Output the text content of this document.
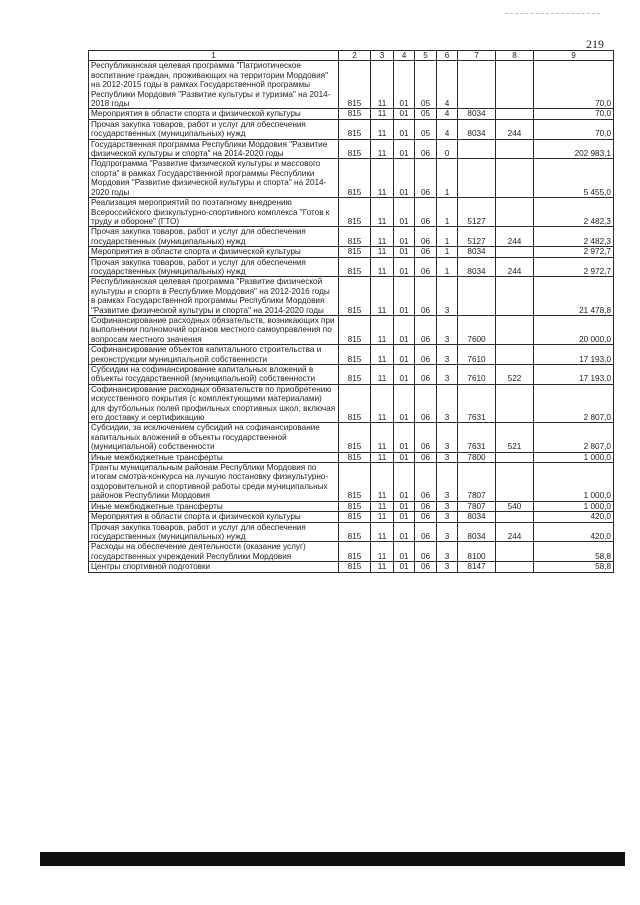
219
1	2	3	4	5	6	7	8	9
Республиканская целевая программа "Патриотическое воспитание граждан, проживающих на территории Мордовия" на 2012-2015 годы в рамках Государственной программы Республики Мордовия "Развитие культуры и туризма" на 2014-2018 годы	815	11	01	05	4			70,0
Мероприятия в области спорта и физической культуры	815	11	01	05	4	8034		70,0
Прочая закупка товаров, работ и услуг для обеспечения государственных (муниципальных) нужд	815	11	01	05	4	8034	244	70,0
Государственная программа Республики Мордовия "Развитие физической культуры и спорта" на 2014-2020 годы	815	11	01	06	0			202 983,1
Подпрограмма "Развитие физической культуры и массового спорта" в рамках Государственной программы Республики Мордовия "Развитие физической культуры и спорта" на 2014-2020 годы	815	11	01	06	1			5 455,0
Реализация мероприятий по поэтапному внедрению Всероссийского физкультурно-спортивного комплекса "Готов к труду и обороне" (ГТО)	815	11	01	06	1	5127		2 482,3
Прочая закупка товаров, работ и услуг для обеспечения государственных (муниципальных) нужд	815	11	01	06	1	5127	244	2 482,3
Мероприятия в области спорта и физической культуры	815	11	01	06	1	8034		2 972,7
Прочая закупка товаров, работ и услуг для обеспечения государственных (муниципальных) нужд	815	11	01	06	1	8034	244	2 972,7
Республиканская целевая программа "Развитие физической культуры и спорта в Республике Мордовия" на 2012-2016 годы в рамках Государственной программы Республики Мордовия "Развитие физической культуры и спорта" на 2014-2020 годы	815	11	01	06	3			21 478,8
Софинансирование расходных обязательств, возникающих при выполнении полномочий органов местного самоуправления по вопросам местного значения	815	11	01	06	3	7600		20 000,0
Софинансирование объектов капитального строительства и реконструкции муниципальной собственности	815	11	01	06	3	7610		17 193,0
Субсидии на софинансирование капитальных вложений в объекты государственной (муниципальной) собственности	815	11	01	06	3	7610	522	17 193,0
Софинансирование расходных обязательств по приобретению искусственного покрытия (с комплектующими материалами) для футбольных полей профильных спортивных школ, включая его доставку и сертификацию	815	11	01	06	3	7631		2 807,0
Субсидии, за исключением субсидий на софинансирование капитальных вложений в объекты государственной (муниципальной) собственности	815	11	01	06	3	7631	521	2 807,0
Иные межбюджетные трансферты	815	11	01	06	3	7800		1 000,0
Гранты муниципальным районам Республики Мордовия по итогам смотра-конкурса на лучшую постановку физкультурно-оздоровительной и спортивной работы среди муниципальных районов Республики Мордовия	815	11	01	06	3	7807		1 000,0
Иные межбюджетные трансферты	815	11	01	06	3	7807	540	1 000,0
Мероприятия в области спорта и физической культуры	815	11	01	06	3	8034		420,0
Прочая закупка товаров, работ и услуг для обеспечения государственных (муниципальных) нужд	815	11	01	06	3	8034	244	420,0
Расходы на обеспечение деятельности (оказание услуг) государственных учреждений Республики Мордовия	815	11	01	06	3	8100		58,8
Центры спортивной подготовки	815	11	01	06	3	8147		58,8
